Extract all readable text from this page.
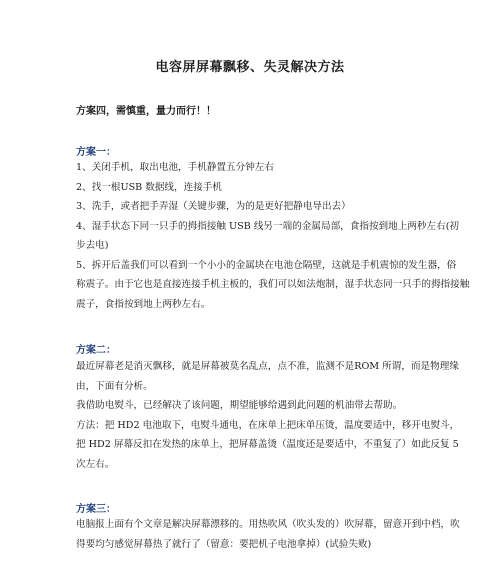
电容屏屏幕飘移、失灵解决方法
方案四，需慎重，量力而行！！
方案一：
1、关闭手机，取出电池，手机静置五分钟左右
2、找一根USB 数据线，连接手机
3、洗手，或者把手弄湿（关键步骤，为的是更好把静电导出去）
4、湿手状态下同一只手的拇指接触 USB 线另一端的金属局部，食指按到地上两秒左右(初
步去电)
5、拆开后盖我们可以看到一个小小的金属块在电池仓隔壁，这就是手机震惊的发生器，俗
称震子。由于它也是直接连接手机主板的，我们可以如法炮制，湿手状态同一只手的拇指接触
震子，食指按到地上两秒左右。
方案二：
最近屏幕老是消灭飘移，就是屏幕被莫名乱点，点不准，监测不是ROM 所谓，而是物理缘
由，下面有分析。
我借助电熨斗，已经解决了该问题，期望能够给遇到此问题的机油带去帮助。
方法：把 HD2 电池取下，电熨斗通电，在床单上把床单压烫，温度要适中，移开电熨斗，
把 HD2 屏幕反扣在发热的床单上，把屏幕盖烫（温度还是要适中，不重复了）如此反复 5
次左右。
方案三：
电脑报上面有个文章是解决屏幕漂移的。用热吹风（吹头发的）吹屏幕，留意开到中档，吹
得要均匀感觉屏幕热了就行了（留意：要把机子电池拿掉）(试验失败)
